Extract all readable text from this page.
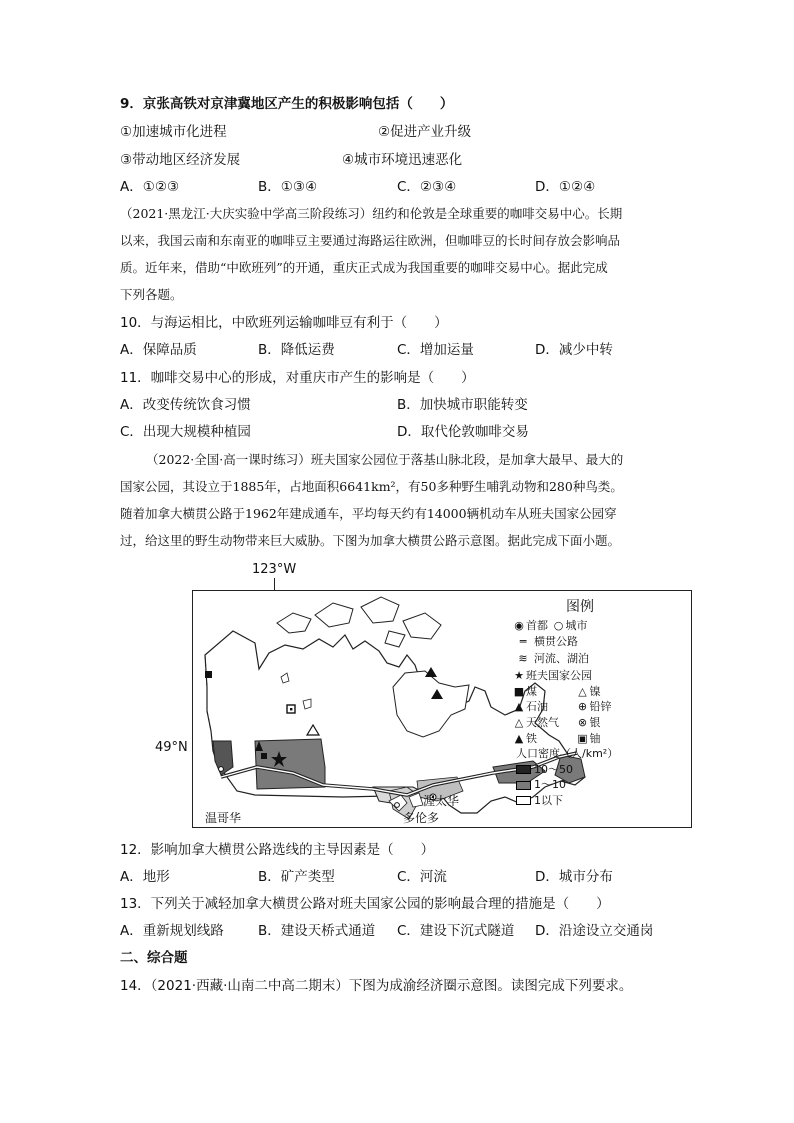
9．京张高铁对京津冀地区产生的积极影响包括（　　）
①加速城市化进程	②促进产业升级
③带动地区经济发展	④城市环境迅速恶化
A．①②③	B．①③④	C．②③④	D．①②④
（2021·黑龙江·大庆实验中学高三阶段练习）纽约和伦敦是全球重要的咖啡交易中心。长期
以来，我国云南和东南亚的咖啡豆主要通过海路运往欧洲，但咖啡豆的长时间存放会影响品
质。近年来，借助“中欧班列”的开通，重庆正式成为我国重要的咖啡交易中心。据此完成
下列各题。
10．与海运相比，中欧班列运输咖啡豆有利于（　　）
A．保障品质	B．降低运费	C．增加运量	D．减少中转
11．咖啡交易中心的形成，对重庆市产生的影响是（　　）
A．改变传统饮食习惯	B．加快城市职能转变
C．出现大规模种植园	D．取代伦敦咖啡交易
（2022·全国·高一课时练习）班夫国家公园位于落基山脉北段，是加拿大最早、最大的
国家公园，其设立于1885年，占地面积6641km²，有50多种野生哺乳动物和280种鸟类。
随着加拿大横贯公路于1962年建成通车，平均每天约有14000辆机动车从班夫国家公园穿
过，给这里的野生动物带来巨大威胁。下图为加拿大横贯公路示意图。据此完成下面小题。
123°W
49°N
温哥华
渥太华
多伦多
图例
◉ 首都 ○ 城市
═ 横贯公路
≋ 河流、湖泊
★ 班夫国家公园
■ 煤	△ 镍
▲ 石油	⊕ 铅锌
△ 天然气 ⊗ 银
▲ 铁	▣ 铀
人口密度（人/km²）
10～50
1～10
1以下
12．影响加拿大横贯公路选线的主导因素是（　　）
A．地形	B．矿产类型	C．河流	D．城市分布
13．下列关于减轻加拿大横贯公路对班夫国家公园的影响最合理的措施是（　　）
A．重新规划线路	B．建设天桥式通道 C．建设下沉式隧道 D．沿途设立交通岗
二、综合题
14．（2021·西藏·山南二中高二期末）下图为成渝经济圈示意图。读图完成下列要求。
